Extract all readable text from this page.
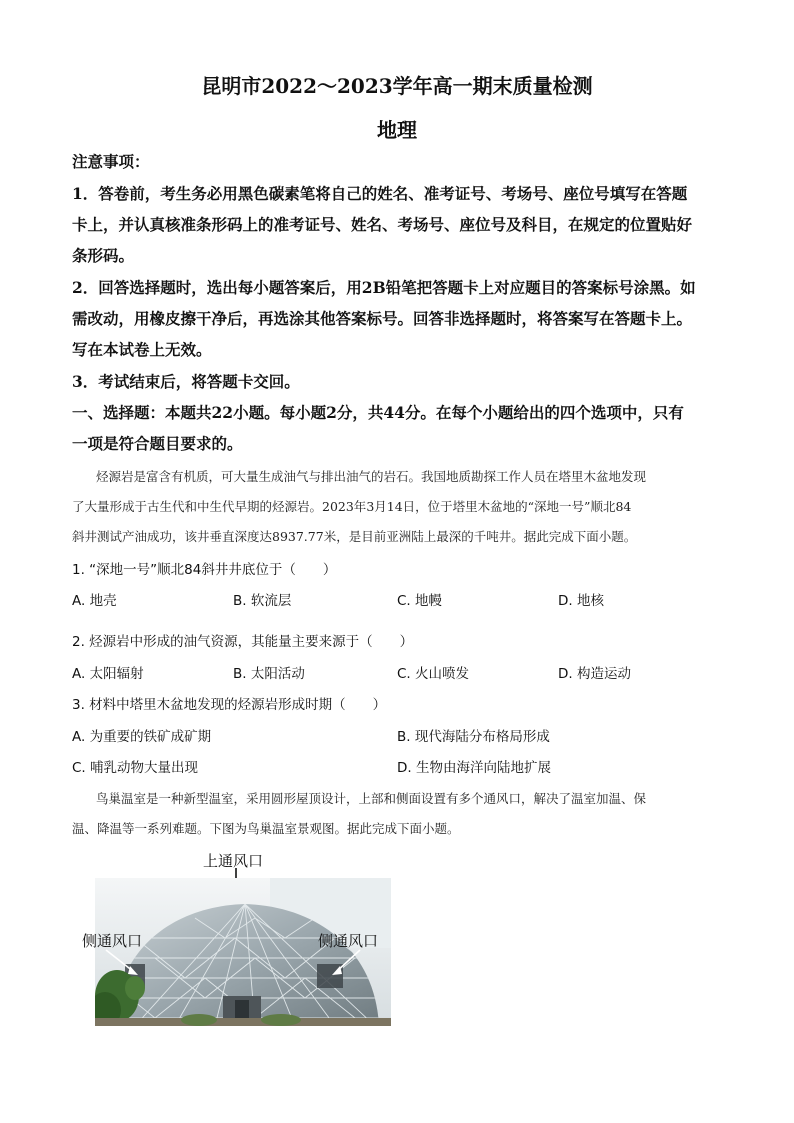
昆明市2022～2023学年高一期末质量检测
地理
注意事项：
1．答卷前，考生务必用黑色碳素笔将自己的姓名、准考证号、考场号、座位号填写在答题
卡上，并认真核准条形码上的准考证号、姓名、考场号、座位号及科目，在规定的位置贴好
条形码。
2．回答选择题时，选出每小题答案后，用2B铅笔把答题卡上对应题目的答案标号涂黑。如
需改动，用橡皮擦干净后，再选涂其他答案标号。回答非选择题时，将答案写在答题卡上。
写在本试卷上无效。
3．考试结束后，将答题卡交回。
一、选择题：本题共22小题。每小题2分，共44分。在每个小题给出的四个选项中，只有
一项是符合题目要求的。
烃源岩是富含有机质，可大量生成油气与排出油气的岩石。我国地质勘探工作人员在塔里木盆地发现
了大量形成于古生代和中生代早期的烃源岩。2023年3月14日，位于塔里木盆地的“深地一号”顺北84
斜井测试产油成功，该井垂直深度达8937.77米，是目前亚洲陆上最深的千吨井。据此完成下面小题。
1. “深地一号”顺北84斜井井底位于（　　）
A. 地壳	B. 软流层	C. 地幔	D. 地核
2. 烃源岩中形成的油气资源，其能量主要来源于（　　）
A. 太阳辐射	B. 太阳活动	C. 火山喷发	D. 构造运动
3. 材料中塔里木盆地发现的烃源岩形成时期（　　）
A. 为重要的铁矿成矿期	B. 现代海陆分布格局形成
C. 哺乳动物大量出现	D. 生物由海洋向陆地扩展
鸟巢温室是一种新型温室，采用圆形屋顶设计，上部和侧面设置有多个通风口，解决了温室加温、保
温、降温等一系列难题。下图为鸟巢温室景观图。据此完成下面小题。
上通风口
侧通风口	侧通风口
